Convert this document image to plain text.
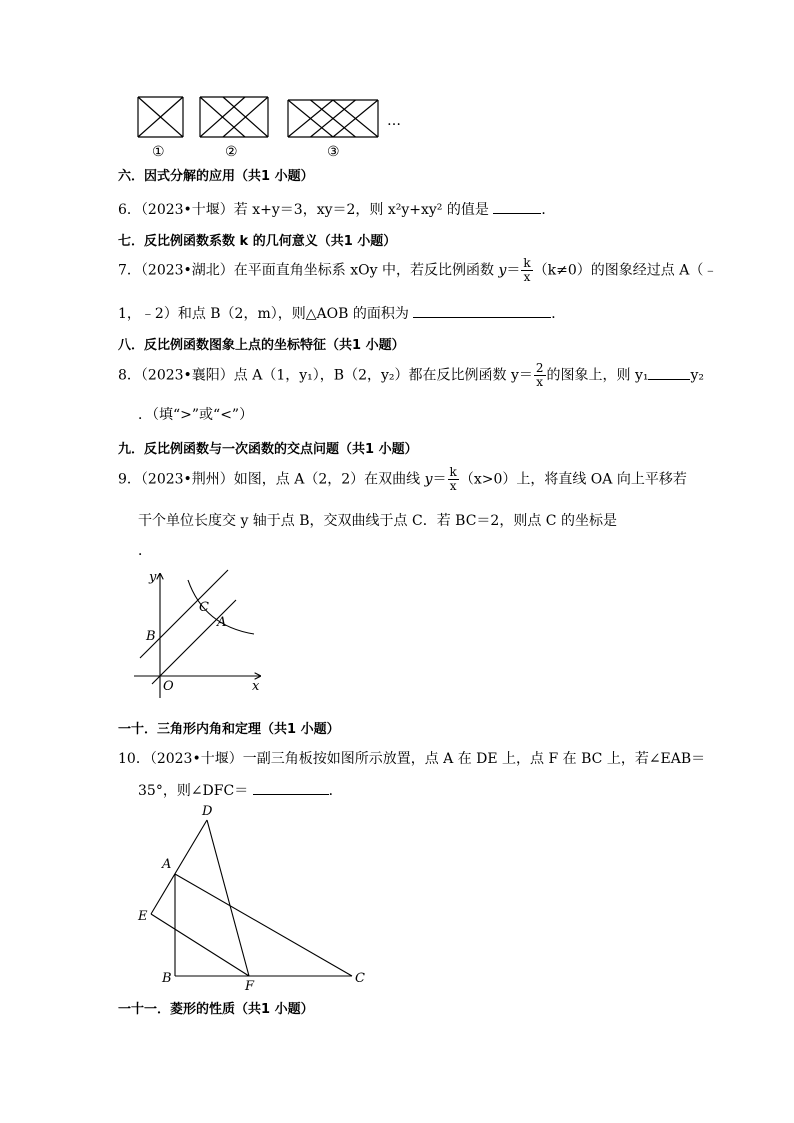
①	②	③
…
六．因式分解的应用（共1 小题）
6．（2023•十堰）若 x+y＝3，xy＝2，则 x²y+xy² 的值是	．
七．反比例函数系数 k 的几何意义（共1 小题）
7．（2023•湖北）在平面直角坐标系 xOy 中，若反比例函数 $y= \frac{k}{x} (k\ne 0)$的图象经过点 A（﹣
1，﹣2）和点 B（2，m），则△AOB 的面积为	．
八．反比例函数图象上点的坐标特征（共1 小题）
8．（2023•襄阳）点 A（1，y₁），B（2，y₂）都在反比例函数 $y= \frac{2}{x}$ 的图象上，则 y₁	y₂
．（填“>”或“<”）
九．反比例函数与一次函数的交点问题（共1 小题）
9．（2023•荆州）如图，点 A（2，2）在双曲线 $y= \frac{k}{x} (x>0)$上，将直线 OA 向上平移若
干个单位长度交 y 轴于点 B，交双曲线于点 C．若 BC＝2，则点 C 的坐标是
．
y
x
O
A
B
C
一十．三角形内角和定理（共1 小题）
10．（2023•十堰）一副三角板按如图所示放置，点 A 在 DE 上，点 F 在 BC 上，若∠EAB＝
35°，则∠DFC＝	．
D
A
E
B
F
C
一十一．菱形的性质（共1 小题）
